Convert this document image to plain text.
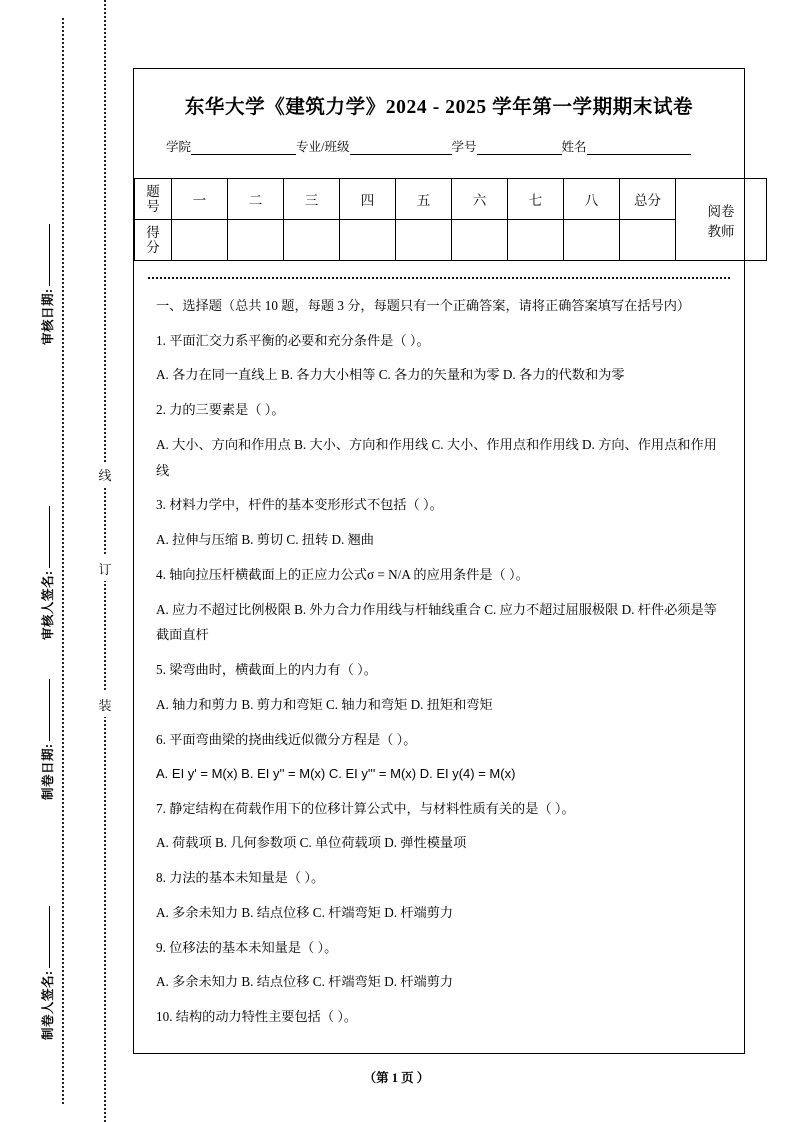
审核日期:
审核人签名:
制卷日期:
制卷人签名:
线
订
装
东华大学《建筑力学》2024 - 2025 学年第一学期期末试卷
学院	专业/班级	学号	姓名
题
号	一	二	三	四	五	六	七	八	总分	阅卷
教师

得
分										

一、选择题（总共 10 题，每题 3 分，每题只有一个正确答案，请将正确答案填写在括号内）

1. 平面汇交力系平衡的必要和充分条件是（ ）。

A. 各力在同一直线上 B. 各力大小相等 C. 各力的矢量和为零 D. 各力的代数和为零

2. 力的三要素是（ ）。

A. 大小、方向和作用点 B. 大小、方向和作用线 C. 大小、作用点和作用线 D. 方向、作用点和作用线

3. 材料力学中，杆件的基本变形形式不包括（ ）。

A. 拉伸与压缩 B. 剪切 C. 扭转 D. 翘曲

4. 轴向拉压杆横截面上的正应力公式σ = N/A 的应用条件是（ ）。

A. 应力不超过比例极限 B. 外力合力作用线与杆轴线重合 C. 应力不超过屈服极限 D. 杆件必须是等截面直杆

5. 梁弯曲时，横截面上的内力有（ ）。

A. 轴力和剪力 B. 剪力和弯矩 C. 轴力和弯矩 D. 扭矩和弯矩

6. 平面弯曲梁的挠曲线近似微分方程是（ ）。

A. EI y' = M(x) B. EI y'' = M(x) C. EI y''' = M(x) D. EI y(4) = M(x)

7. 静定结构在荷载作用下的位移计算公式中，与材料性质有关的是（ ）。

A. 荷载项 B. 几何参数项 C. 单位荷载项 D. 弹性模量项

8. 力法的基本未知量是（ ）。

A. 多余未知力 B. 结点位移 C. 杆端弯矩 D. 杆端剪力

9. 位移法的基本未知量是（ ）。

A. 多余未知力 B. 结点位移 C. 杆端弯矩 D. 杆端剪力

10. 结构的动力特性主要包括（ ）。

（第 1 页 ）
